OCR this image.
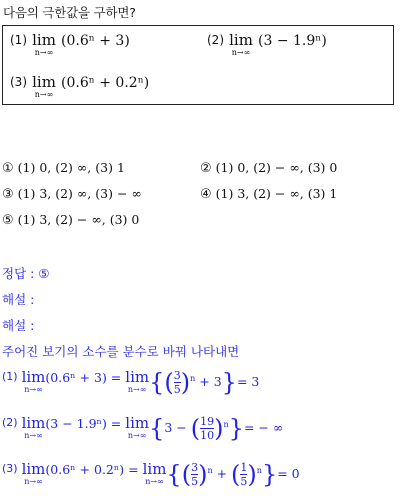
다음의 극한값을 구하면?
$^{(1)}$ lim
n→∞
(0.6ⁿ + 3)	$^{(2)}$ lim
n→∞
(3 − 1.9ⁿ)
$^{(3)}$ lim
n→∞
(0.6ⁿ + 0.2ⁿ)
① (1) 0, (2) ∞, (3) 1	② (1) 0, (2) − ∞, (3) 0
③ (1) 3, (2) ∞, (3) − ∞	④ (1) 3, (2) − ∞, (3) 1
⑤ (1) 3, (2) − ∞, (3) 0
정답 : ⑤
해설 :
해설 :
주어진 보기의 소수를 분수로 바꿔 나타내면
(1) lim
n→∞
(0.6ⁿ + 3) = lim
n→∞ {( $\frac{3}{5} )^n + 3\}= 3$
(2) lim
n→∞
(3 − 1.9ⁿ) = lim
n→∞ {3 − ( $\frac{19}{10} )^n\}=$ − ∞
(3) lim
n→∞
(0.6ⁿ + 0.2ⁿ) = lim
n→∞ {( $\frac{3}{5} )^n$ + ( $\frac{1}{5} )^n\}= 0$
